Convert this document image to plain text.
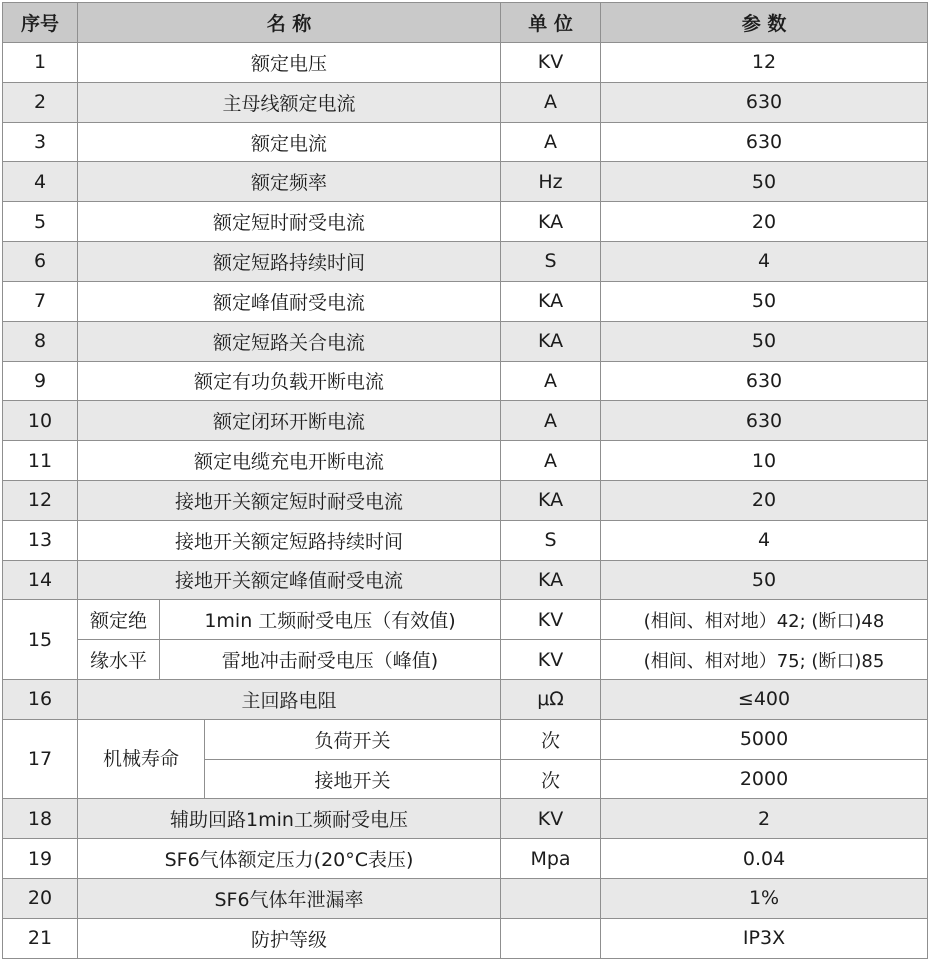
序号	名 称			单 位	参 数
1	额定电压			KV	12
2	主母线额定电流			A	630
3	额定电流			A	630
4	额定频率			Hz	50
5	额定短时耐受电流			KA	20
6	额定短路持续时间			S	4
7	额定峰值耐受电流			KA	50
8	额定短路关合电流			KA	50
9	额定有功负载开断电流			A	630
10	额定闭环开断电流			A	630
11	额定电缆充电开断电流			A	10
12	接地开关额定短时耐受电流			KA	20
13	接地开关额定短路持续时间			S	4
14	接地开关额定峰值耐受电流			KA	50
15	额定绝	1min 工频耐受电压（有效值)		KV	(相间、相对地）42; (断口)48
	缘水平	雷地冲击耐受电压（峰值)		KV	(相间、相对地）75; (断口)85
16	主回路电阻			μΩ	≤400
17	机械寿命		负荷开关	次	5000
			接地开关	次	2000
18	辅助回路1min工频耐受电压			KV	2
19	SF6气体额定压力(20°C表压)			Mpa	0.04
20	SF6气体年泄漏率				1%
21	防护等级				IP3X
